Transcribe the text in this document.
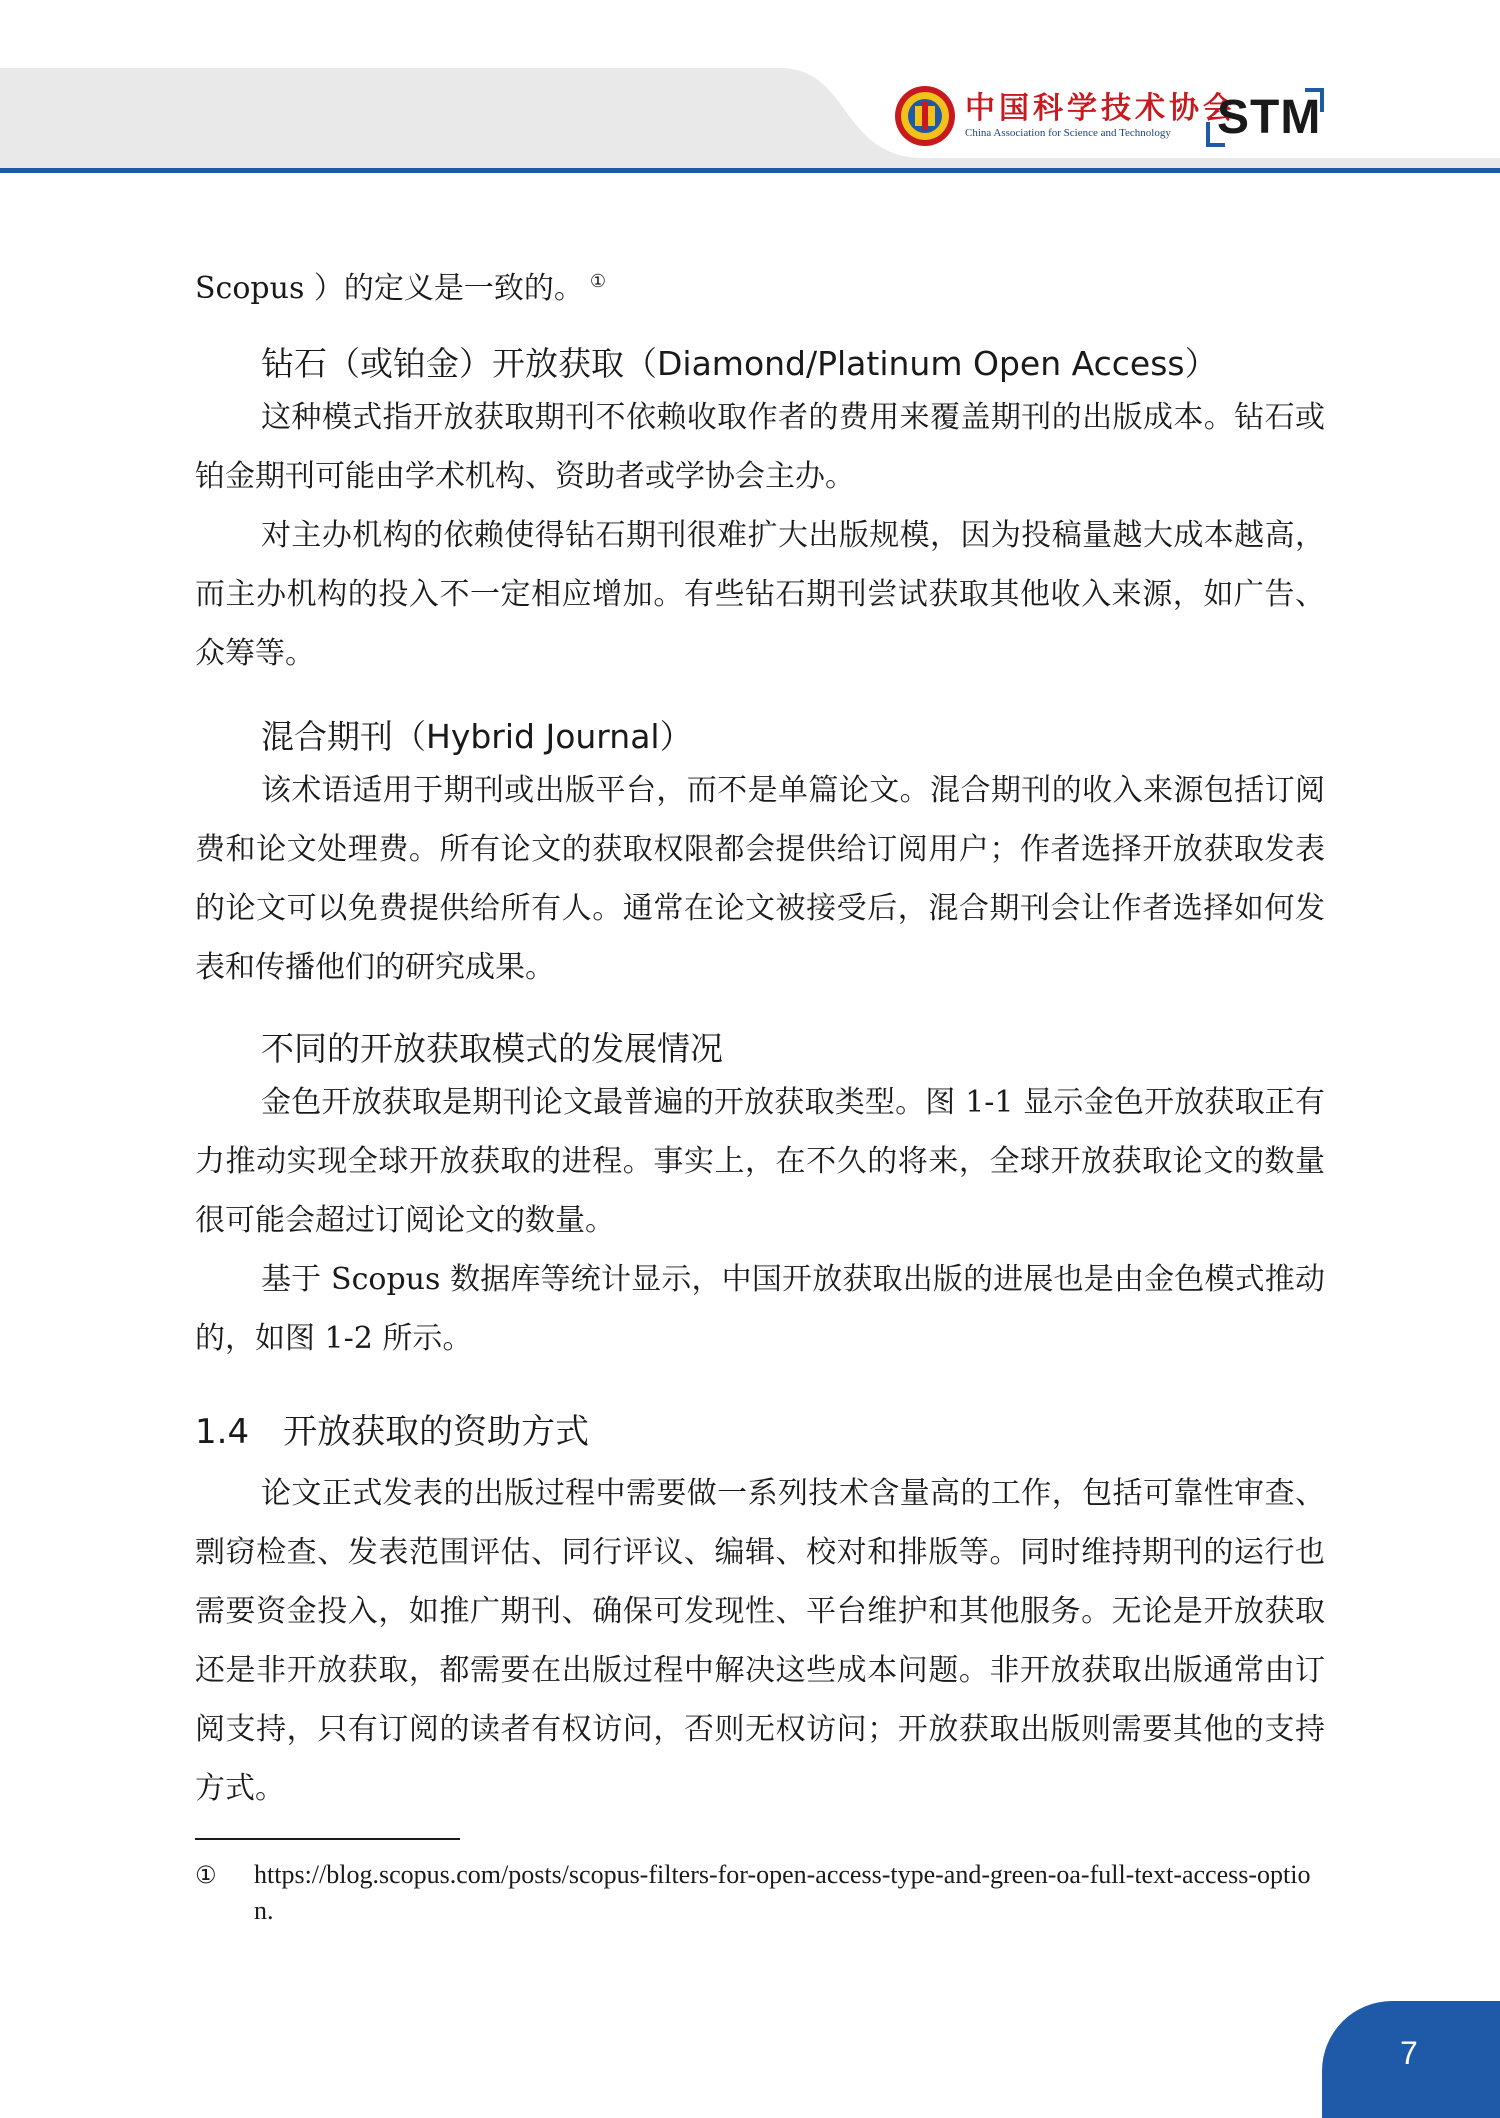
中国科学技术协会
China Association for Science and Technology STM

Scopus ）的定义是一致的。 ①

钻石（或铂金）开放获取（Diamond/Platinum Open Access）

这种模式指开放获取期刊不依赖收取作者的费用来覆盖期刊的出版成本。钻石或铂金期刊可能由学术机构、资助者或学协会主办。

对主办机构的依赖使得钻石期刊很难扩大出版规模，因为投稿量越大成本越高，而主办机构的投入不一定相应增加。有些钻石期刊尝试获取其他收入来源，如广告、众筹等。

混合期刊（Hybrid Journal）

该术语适用于期刊或出版平台，而不是单篇论文。混合期刊的收入来源包括订阅费和论文处理费。所有论文的获取权限都会提供给订阅用户；作者选择开放获取发表的论文可以免费提供给所有人。通常在论文被接受后，混合期刊会让作者选择如何发表和传播他们的研究成果。

不同的开放获取模式的发展情况

金色开放获取是期刊论文最普遍的开放获取类型。图 1-1 显示金色开放获取正有力推动实现全球开放获取的进程。事实上，在不久的将来，全球开放获取论文的数量很可能会超过订阅论文的数量。

基于 Scopus 数据库等统计显示，中国开放获取出版的进展也是由金色模式推动的，如图 1-2 所示。

1.4 开放获取的资助方式

论文正式发表的出版过程中需要做一系列技术含量高的工作，包括可靠性审查、剽窃检查、发表范围评估、同行评议、编辑、校对和排版等。同时维持期刊的运行也需要资金投入，如推广期刊、确保可发现性、平台维护和其他服务。无论是开放获取还是非开放获取，都需要在出版过程中解决这些成本问题。非开放获取出版通常由订阅支持，只有订阅的读者有权访问，否则无权访问；开放获取出版则需要其他的支持方式。

①	https://blog.scopus.com/posts/scopus-filters-for-open-access-type-and-green-oa-full-text-access-option.
7
